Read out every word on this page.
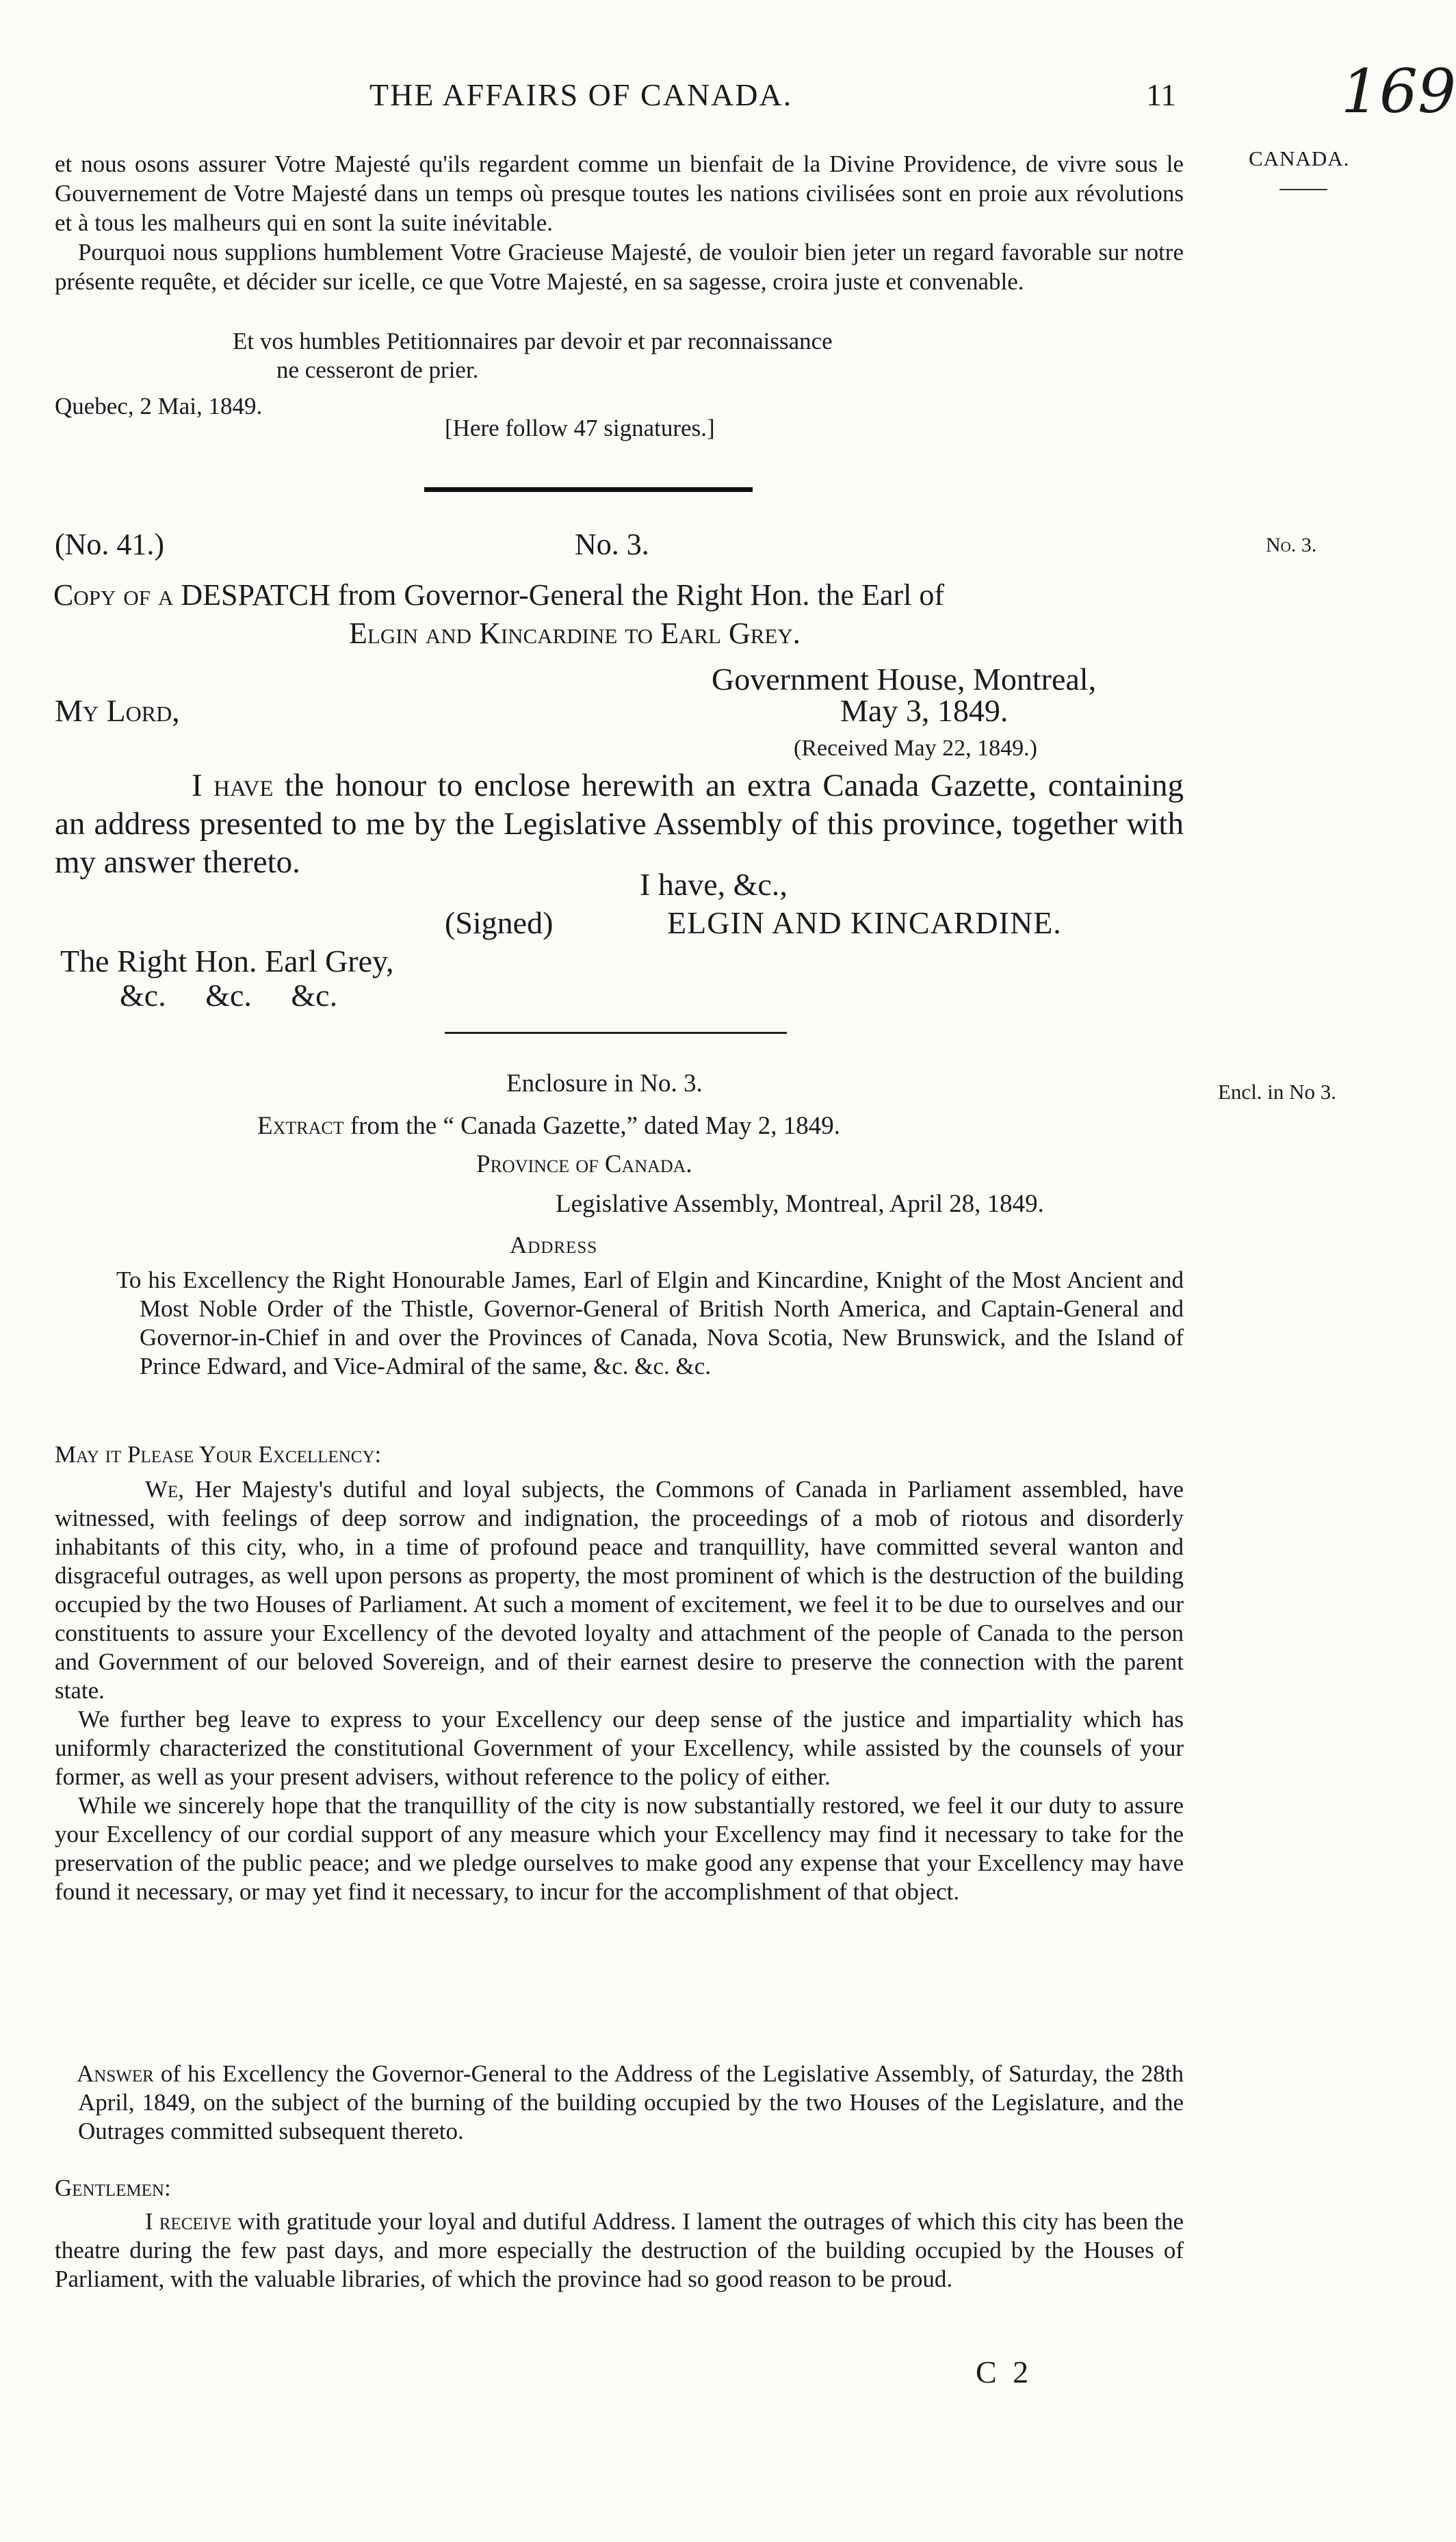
THE AFFAIRS OF CANADA.	11	169
CANADA.
No. 3.
Encl. in No 3.

et nous osons assurer Votre Majesté qu'ils regardent comme un bienfait de la Divine Providence, de vivre sous le Gouvernement de Votre Majesté dans un temps où presque toutes les nations civilisées sont en proie aux révolutions et à tous les malheurs qui en sont la suite inévitable.

Pourquoi nous supplions humblement Votre Gracieuse Majesté, de vouloir bien jeter un regard favorable sur notre présente requête, et décider sur icelle, ce que Votre Majesté, en sa sagesse, croira juste et convenable.

Et vos humbles Petitionnaires par devoir et par reconnaissance
ne cesseront de prier.
Quebec, 2 Mai, 1849.
[Here follow 47 signatures.]
(No. 41.)	No. 3.
Copy of a DESPATCH from Governor-General the Right Hon. the Earl of
Elgin and Kincardine to Earl Grey.
Government House, Montreal,
My Lord,	May 3, 1849.
(Received May 22, 1849.)

I have the honour to enclose herewith an extra Canada Gazette, containing an address presented to me by the Legislative Assembly of this province, together with my answer thereto.

I have, &c.,
(Signed)	ELGIN AND KINCARDINE.
The Right Hon. Earl Grey,
&c. &c. &c.
Enclosure in No. 3.
Extract from the “ Canada Gazette,” dated May 2, 1849.
Province of Canada.
Legislative Assembly, Montreal, April 28, 1849.
Address

To his Excellency the Right Honourable James, Earl of Elgin and Kincardine, Knight of the Most Ancient and Most Noble Order of the Thistle, Governor-General of British North America, and Captain-General and Governor-in-Chief in and over the Provinces of Canada, Nova Scotia, New Brunswick, and the Island of Prince Edward, and Vice-Admiral of the same, &c. &c. &c.

May it Please Your Excellency:

We, Her Majesty's dutiful and loyal subjects, the Commons of Canada in Parliament assembled, have witnessed, with feelings of deep sorrow and indignation, the proceedings of a mob of riotous and disorderly inhabitants of this city, who, in a time of profound peace and tranquillity, have committed several wanton and disgraceful outrages, as well upon persons as property, the most prominent of which is the destruction of the building occupied by the two Houses of Parliament. At such a moment of excitement, we feel it to be due to ourselves and our constituents to assure your Excellency of the devoted loyalty and attachment of the people of Canada to the person and Government of our beloved Sovereign, and of their earnest desire to preserve the connection with the parent state.

We further beg leave to express to your Excellency our deep sense of the justice and impartiality which has uniformly characterized the constitutional Government of your Excellency, while assisted by the counsels of your former, as well as your present advisers, without reference to the policy of either.

While we sincerely hope that the tranquillity of the city is now substantially restored, we feel it our duty to assure your Excellency of our cordial support of any measure which your Excellency may find it necessary to take for the preservation of the public peace; and we pledge ourselves to make good any expense that your Excellency may have found it necessary, or may yet find it necessary, to incur for the accomplishment of that object.

Answer of his Excellency the Governor-General to the Address of the Legislative Assembly, of Saturday, the 28th April, 1849, on the subject of the burning of the building occupied by the two Houses of the Legislature, and the Outrages committed subsequent thereto.

Gentlemen:

I receive with gratitude your loyal and dutiful Address. I lament the outrages of which this city has been the theatre during the few past days, and more especially the destruction of the building occupied by the Houses of Parliament, with the valuable libraries, of which the province had so good reason to be proud.

C 2
